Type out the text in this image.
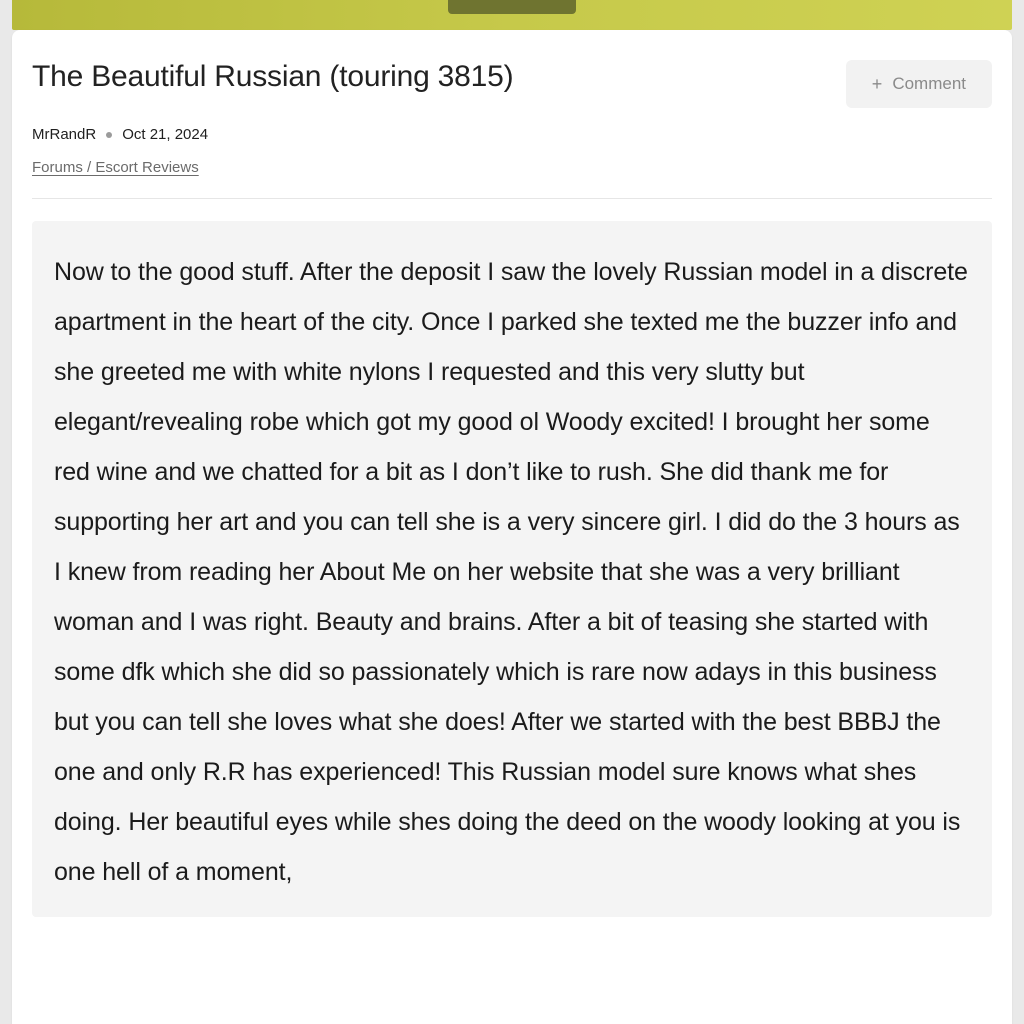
The Beautiful Russian (touring 3815)	+ Comment
MrRandR Oct 21, 2024
Forums / Escort Reviews

Now to the good stuff. After the deposit I saw the lovely Russian model in a discrete apartment in the heart of the city. Once I parked she texted me the buzzer info and she greeted me with white nylons I requested and this very slutty but elegant/revealing robe which got my good ol Woody excited! I brought her some red wine and we chatted for a bit as I don’t like to rush. She did thank me for supporting her art and you can tell she is a very sincere girl. I did do the 3 hours as I knew from reading her About Me on her website that she was a very brilliant woman and I was right. Beauty and brains. After a bit of teasing she started with some dfk which she did so passionately which is rare now adays in this business but you can tell she loves what she does! After we started with the best BBBJ the one and only R.R has experienced! This Russian model sure knows what shes doing. Her beautiful eyes while shes doing the deed on the woody looking at you is one hell of a moment,
